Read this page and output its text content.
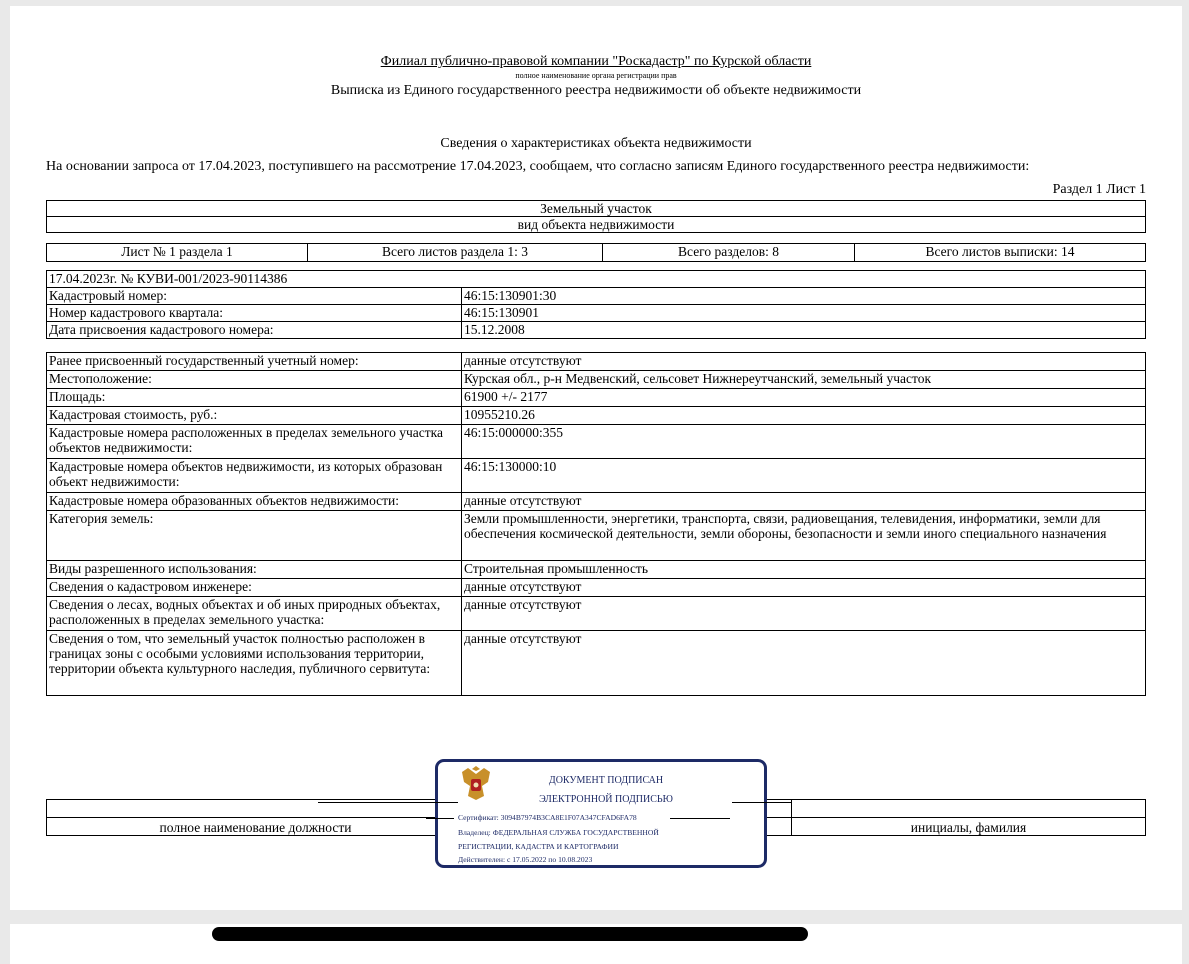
Филиал публично-правовой компании "Роскадастр" по Курской области
полное наименование органа регистрации прав
Выписка из Единого государственного реестра недвижимости об объекте недвижимости
Сведения о характеристиках объекта недвижимости
На основании запроса от 17.04.2023, поступившего на рассмотрение 17.04.2023, сообщаем, что согласно записям Единого государственного реестра недвижимости:
Раздел 1 Лист 1
Земельный участок
вид объекта недвижимости
Лист № 1 раздела 1	Всего листов раздела 1: 3	Всего разделов: 8	Всего листов выписки: 14
17.04.2023г. № КУВИ-001/2023-90114386	
Кадастровый номер:	46:15:130901:30
Номер кадастрового квартала:	46:15:130901
Дата присвоения кадастрового номера:	15.12.2008
Ранее присвоенный государственный учетный номер:	данные отсутствуют
Местоположение:	Курская обл., р-н Медвенский, сельсовет Нижнереутчанский, земельный участок
Площадь:	61900 +/- 2177
Кадастровая стоимость, руб.:	10955210.26
Кадастровые номера расположенных в пределах земельного участка объектов недвижимости:	46:15:000000:355
Кадастровые номера объектов недвижимости, из которых образован объект недвижимости:	46:15:130000:10
Кадастровые номера образованных объектов недвижимости:	данные отсутствуют
Категория земель:	Земли промышленности, энергетики, транспорта, связи, радиовещания, телевидения, информатики, земли для обеспечения космической деятельности, земли обороны, безопасности и земли иного специального назначения
Виды разрешенного использования:	Строительная промышленность
Сведения о кадастровом инженере:	данные отсутствуют
Сведения о лесах, водных объектах и об иных природных объектах, расположенных в пределах земельного участка:	данные отсутствуют
Сведения о том, что земельный участок полностью расположен в границах зоны с особыми условиями использования территории, территории объекта культурного наследия, публичного сервитута:	данные отсутствуют

полное наименование должности		инициалы, фамилия
ДОКУМЕНТ ПОДПИСАН
ЭЛЕКТРОННОЙ ПОДПИСЬЮ
Сертификат: 3094B7974B3CA8E1F07A347CFAD6FA78
Владелец: ФЕДЕРАЛЬНАЯ СЛУЖБА ГОСУДАРСТВЕННОЙ
РЕГИСТРАЦИИ, КАДАСТРА И КАРТОГРАФИИ
Действителен: с 17.05.2022 по 10.08.2023
